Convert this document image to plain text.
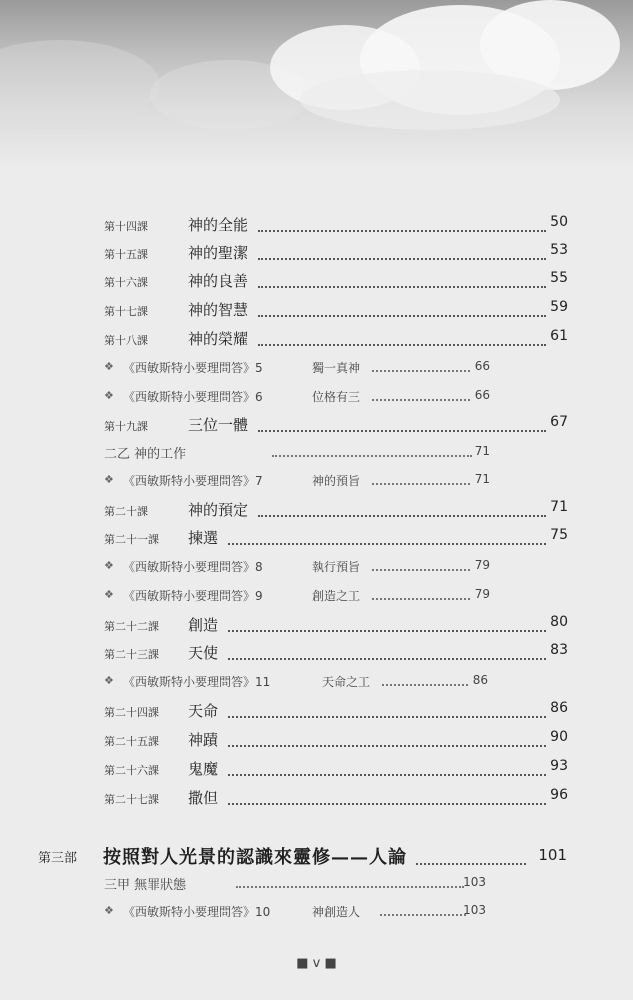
第十四課	神的全能	50
第十五課	神的聖潔	53
第十六課	神的良善	55
第十七課	神的智慧	59
第十八課	神的榮耀	61
❖ 《西敏斯特小要理問答》5	獨一真神	66
❖ 《西敏斯特小要理問答》6	位格有三	66
第十九課	三位一體	67
二乙 神的工作	71
❖ 《西敏斯特小要理問答》7	神的預旨	71
第二十課	神的預定	71
第二十一課 揀選	75
❖ 《西敏斯特小要理問答》8	執行預旨	79
❖ 《西敏斯特小要理問答》9	創造之工	79
第二十二課 創造	80
第二十三課 天使	83
❖ 《西敏斯特小要理問答》11	天命之工	86
第二十四課 天命	86
第二十五課 神蹟	90
第二十六課 鬼魔	93
第二十七課 撒但	96
第三部 按照對人光景的認識來靈修——人論	101
三甲 無罪狀態	103
❖ 《西敏斯特小要理問答》10	神創造人	103
■ v ■
